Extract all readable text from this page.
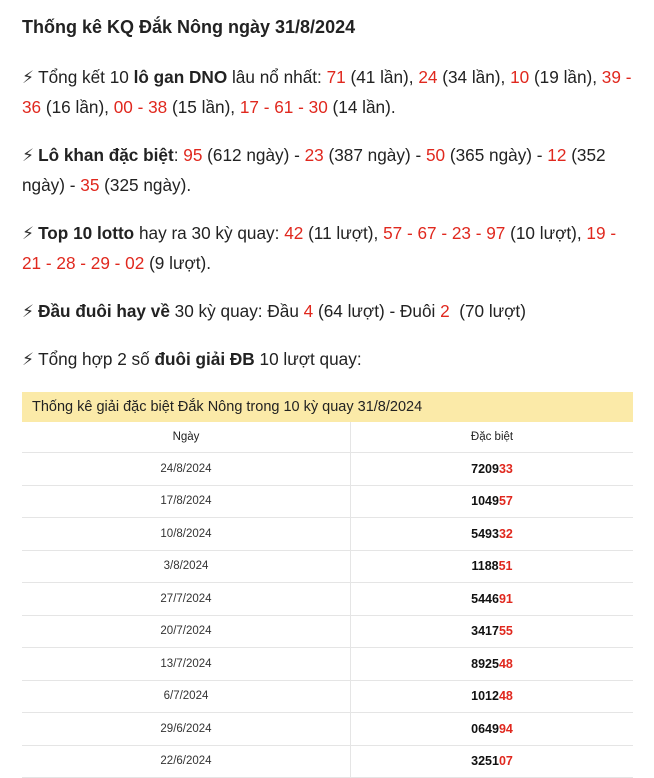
Thống kê KQ Đắk Nông ngày 31/8/2024

⚡ Tổng kết 10 lô gan DNO lâu nổ nhất: 71 (41 lần), 24 (34 lần), 10 (19 lần), 39 - 36 (16 lần), 00 - 38 (15 lần), 17 - 61 - 30 (14 lần).

⚡ Lô khan đặc biệt: 95 (612 ngày) - 23 (387 ngày) - 50 (365 ngày) - 12 (352 ngày) - 35 (325 ngày).

⚡ Top 10 lotto hay ra 30 kỳ quay: 42 (11 lượt), 57 - 67 - 23 - 97 (10 lượt), 19 - 21 - 28 - 29 - 02 (9 lượt).

⚡ Đầu đuôi hay về 30 kỳ quay: Đầu 4 (64 lượt) - Đuôi 2  (70 lượt)

⚡ Tổng hợp 2 số đuôi giải ĐB 10 lượt quay:

Thống kê giải đặc biệt Đắk Nông trong 10 kỳ quay 31/8/2024
Ngày	Đặc biệt
24/8/2024	720933
17/8/2024	104957
10/8/2024	549332
3/8/2024	118851
27/7/2024	544691
20/7/2024	341755
13/7/2024	892548
6/7/2024	101248
29/6/2024	064994
22/6/2024	325107
